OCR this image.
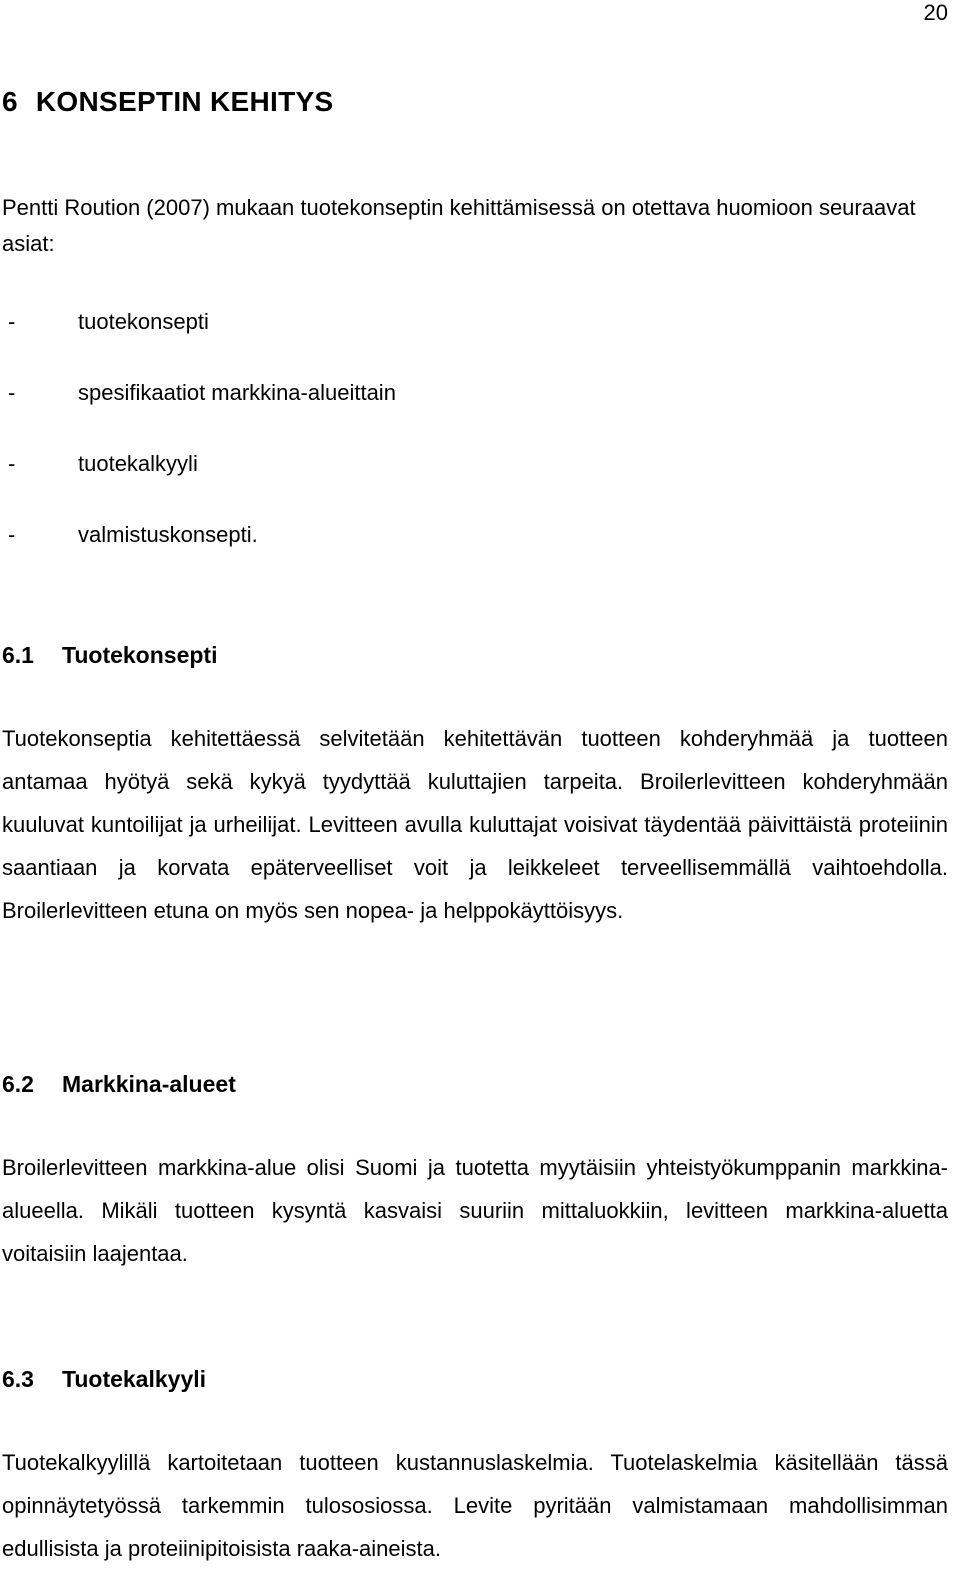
20
6 KONSEPTIN KEHITYS

Pentti Roution (2007) mukaan tuotekonseptin kehittämisessä on otettava huomioon seuraavat asiat:

-	tuotekonsepti
-	spesifikaatiot markkina-alueittain
-	tuotekalkyyli
-	valmistuskonsepti.
6.1 Tuotekonsepti

Tuotekonseptia kehitettäessä selvitetään kehitettävän tuotteen kohderyhmää ja tuotteen antamaa hyötyä sekä kykyä tyydyttää kuluttajien tarpeita. Broilerlevitteen kohderyhmään kuuluvat kuntoilijat ja urheilijat. Levitteen avulla kuluttajat voisivat täydentää päivittäistä proteiinin saantiaan ja korvata epäterveelliset voit ja leikkeleet terveellisemmällä vaihtoehdolla. Broilerlevitteen etuna on myös sen nopea- ja helppokäyttöisyys.

6.2 Markkina-alueet

Broilerlevitteen markkina-alue olisi Suomi ja tuotetta myytäisiin yhteistyökumppanin markkina-alueella. Mikäli tuotteen kysyntä kasvaisi suuriin mittaluokkiin, levitteen markkina-aluetta voitaisiin laajentaa.

6.3 Tuotekalkyyli

Tuotekalkyylillä kartoitetaan tuotteen kustannuslaskelmia. Tuotelaskelmia käsitellään tässä opinnäytetyössä tarkemmin tulososiossa. Levite pyritään valmistamaan mahdollisimman edullisista ja proteiinipitoisista raaka-aineista.
